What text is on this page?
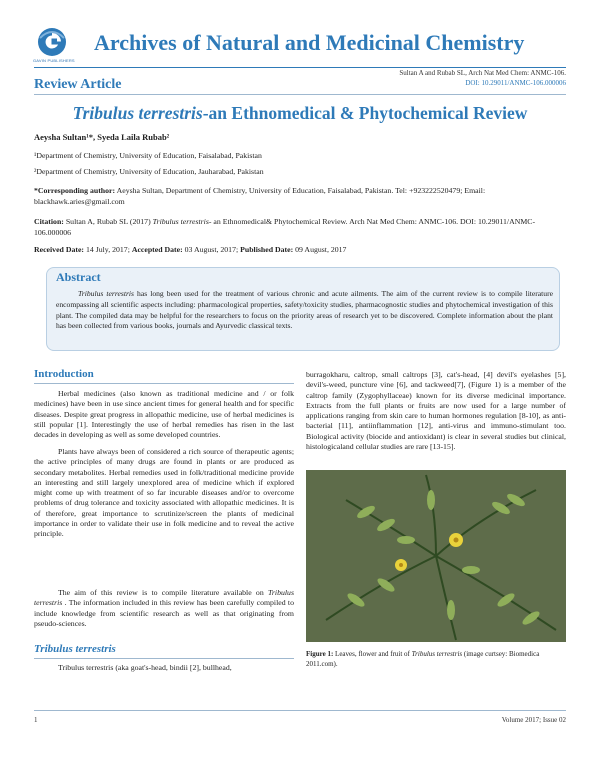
GAVIN PUBLISHERS
Archives of Natural and Medicinal Chemistry
Sultan A and Rubab SL, Arch Nat Med Chem: ANMC-106.
DOI: 10.29011/ANMC-106.000006
Review Article
Tribulus terrestris-an Ethnomedical & Phytochemical Review
Aeysha Sultan¹*, Syeda Laila Rubab²
¹Department of Chemistry, University of Education, Faisalabad, Pakistan
²Department of Chemistry, University of Education, Jauharabad, Pakistan
*Corresponding author: Aeysha Sultan, Department of Chemistry, University of Education, Faisalabad, Pakistan. Tel: +923222520479; Email: blackhawk.aries@gmail.com
Citation: Sultan A, Rubab SL (2017) Tribulus terrestris- an Ethnomedical& Phytochemical Review. Arch Nat Med Chem: ANMC-106. DOI: 10.29011/ANMC-106.000006
Received Date: 14 July, 2017; Accepted Date: 03 August, 2017; Published Date: 09 August, 2017
Abstract
Tribulus terrestris has long been used for the treatment of various chronic and acute ailments. The aim of the current review is to compile literature encompassing all scientific aspects including: pharmacological properties, safety/toxicity studies, pharmacognostic studies and phytochemical investigation of this plant. The compiled data may be helpful for the researchers to focus on the priority areas of research yet to be discovered. Complete information about the plant has been collected from various books, journals and Ayurvedic classical texts.
Introduction
Herbal medicines (also known as traditional medicine and / or folk medicines) have been in use since ancient times for general health and for specific diseases. Despite great progress in allopathic medicine, use of herbal medicines is still popular [1]. Interestingly the use of herbal remedies has risen in the last decades in developing as well as some developed countries.
Plants have always been of considered a rich source of therapeutic agents; the active principles of many drugs are found in plants or are produced as secondary metabolites. Herbal remedies used in folk/traditional medicine provide an interesting and still largely unexplored area of medicine which if explored might come up with treatment of so far incurable diseases and/or to overcome problems of drug tolerance and toxicity associated with allopathic medicines. It is of therefore, great importance to scrutinize/screen the plants of medicinal importance in order to validate their use in folk medicine and to reveal the active principle.
The aim of this review is to compile literature available on Tribulus terrestris . The information included in this review has been carefully compiled to include knowledge from scientific research as well as that originating from pseudo-sciences.
Tribulus terrestris
Tribulus terrestris (aka goat's-head, bindii [2], bullhead,
burragokharu, caltrop, small caltrops [3], cat's-head, [4] devil's eyelashes [5], devil's-weed, puncture vine [6], and tackweed[7], (Figure 1) is a member of the caltrop family (Zygophyllaceae) known for its diverse medicinal importance. Extracts from the full plants or fruits are now used for a large number of applications ranging from skin care to human hormones regulation [8-10], as anti-bacterial [11], antiinflammation [12], anti-virus and immuno-stimulant too. Biological activity (biocide and antioxidant) is clear in several studies but clinical, histologicaland cellular studies are rare [13-15].
Figure 1: Leaves, flower and fruit of Tribulus terrestris (image curtsey: Biomedica 2011.com).
1	Volume 2017; Issue 02
